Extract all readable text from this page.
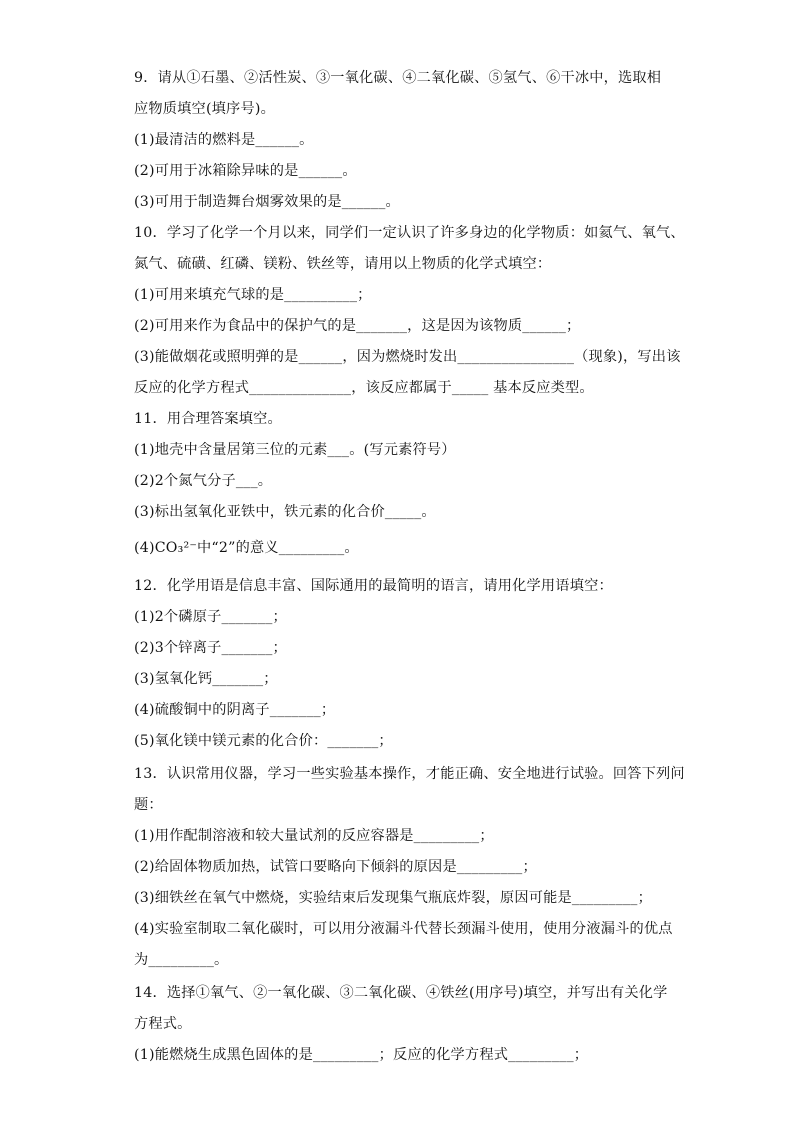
9．请从①石墨、②活性炭、③一氧化碳、④二氧化碳、⑤氢气、⑥干冰中，选取相
应物质填空(填序号)。
(1)最清洁的燃料是______。
(2)可用于冰箱除异味的是______。
(3)可用于制造舞台烟雾效果的是______。
10．学习了化学一个月以来，同学们一定认识了许多身边的化学物质：如氦气、氧气、
氮气、硫磺、红磷、镁粉、铁丝等，请用以上物质的化学式填空：
(1)可用来填充气球的是__________；
(2)可用来作为食品中的保护气的是_______，这是因为该物质______；
(3)能做烟花或照明弹的是______，因为燃烧时发出________________（现象)，写出该
反应的化学方程式______________，该反应都属于_____ 基本反应类型。
11．用合理答案填空。
(1)地壳中含量居第三位的元素___。(写元素符号）
(2)2个氮气分子___。
(3)标出氢氧化亚铁中，铁元素的化合价_____。
(4)CO₃²⁻中“2”的意义_________。
12．化学用语是信息丰富、国际通用的最简明的语言，请用化学用语填空：
(1)2个磷原子_______；
(2)3个锌离子_______；
(3)氢氧化钙_______；
(4)硫酸铜中的阴离子_______；
(5)氧化镁中镁元素的化合价：_______；
13．认识常用仪器，学习一些实验基本操作，才能正确、安全地进行试验。回答下列问
题：
(1)用作配制溶液和较大量试剂的反应容器是_________；
(2)给固体物质加热，试管口要略向下倾斜的原因是_________；
(3)细铁丝在氧气中燃烧，实验结束后发现集气瓶底炸裂，原因可能是_________；
(4)实验室制取二氧化碳时，可以用分液漏斗代替长颈漏斗使用，使用分液漏斗的优点
为_________。
14．选择①氧气、②一氧化碳、③二氧化碳、④铁丝(用序号)填空，并写出有关化学
方程式。
(1)能燃烧生成黑色固体的是_________；反应的化学方程式_________；
